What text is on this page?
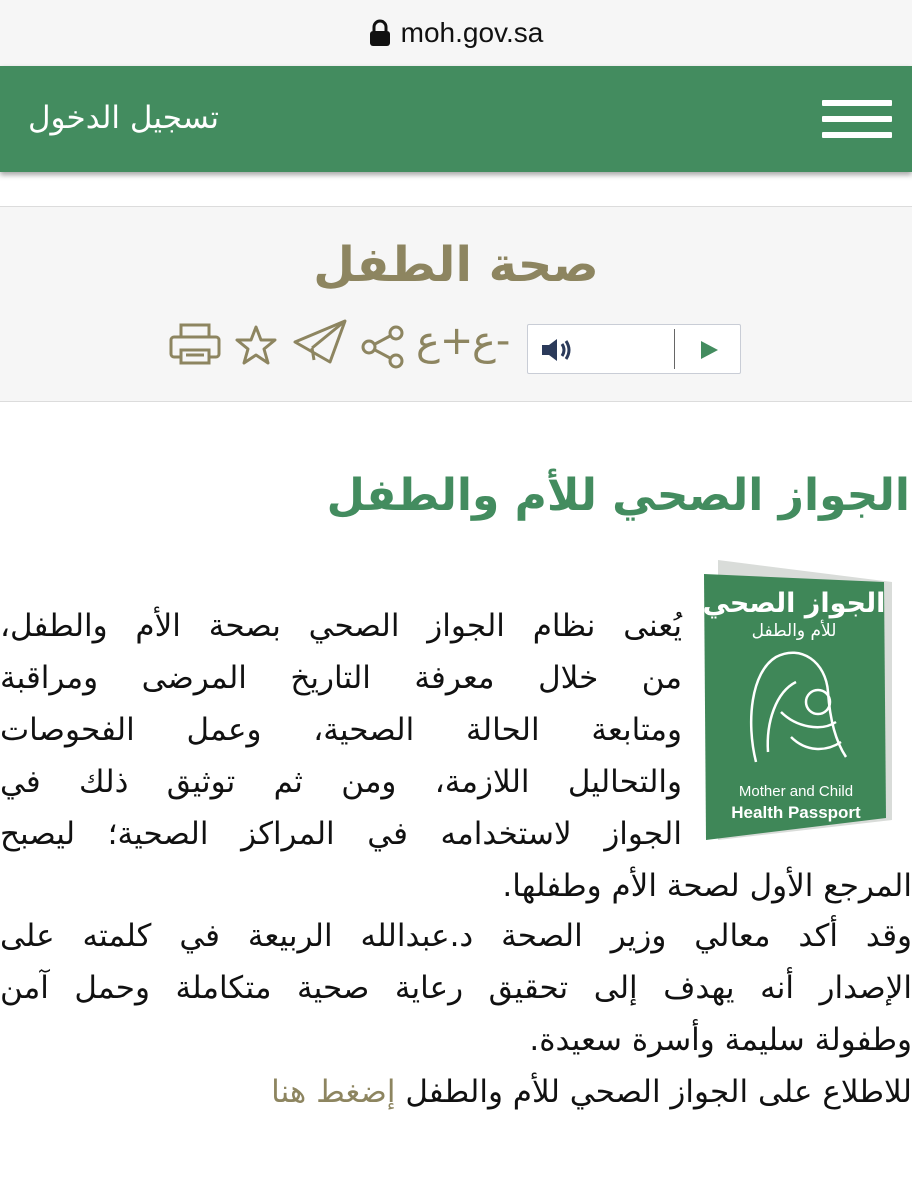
moh.gov.sa
تسجيل الدخول
صحة الطفل
ع+
ع-
الجواز الصحي للأم والطفل
الجواز الصحي
للأم والطفل
Mother and Child
Health Passport
يُعنى نظام الجواز الصحي بصحة الأم والطفل،
من خلال معرفة التاريخ المرضى ومراقبة
ومتابعة الحالة الصحية، وعمل الفحوصات
والتحاليل اللازمة، ومن ثم توثيق ذلك في
الجواز لاستخدامه في المراكز الصحية؛ ليصبح
المرجع الأول لصحة الأم وطفلها.
وقد أكد معالي وزير الصحة د.عبدالله الربيعة في كلمته على
الإصدار أنه يهدف إلى تحقيق رعاية صحية متكاملة وحمل آمن
وطفولة سليمة وأسرة سعيدة.
للاطلاع على الجواز الصحي للأم والطفل إضغط هنا
